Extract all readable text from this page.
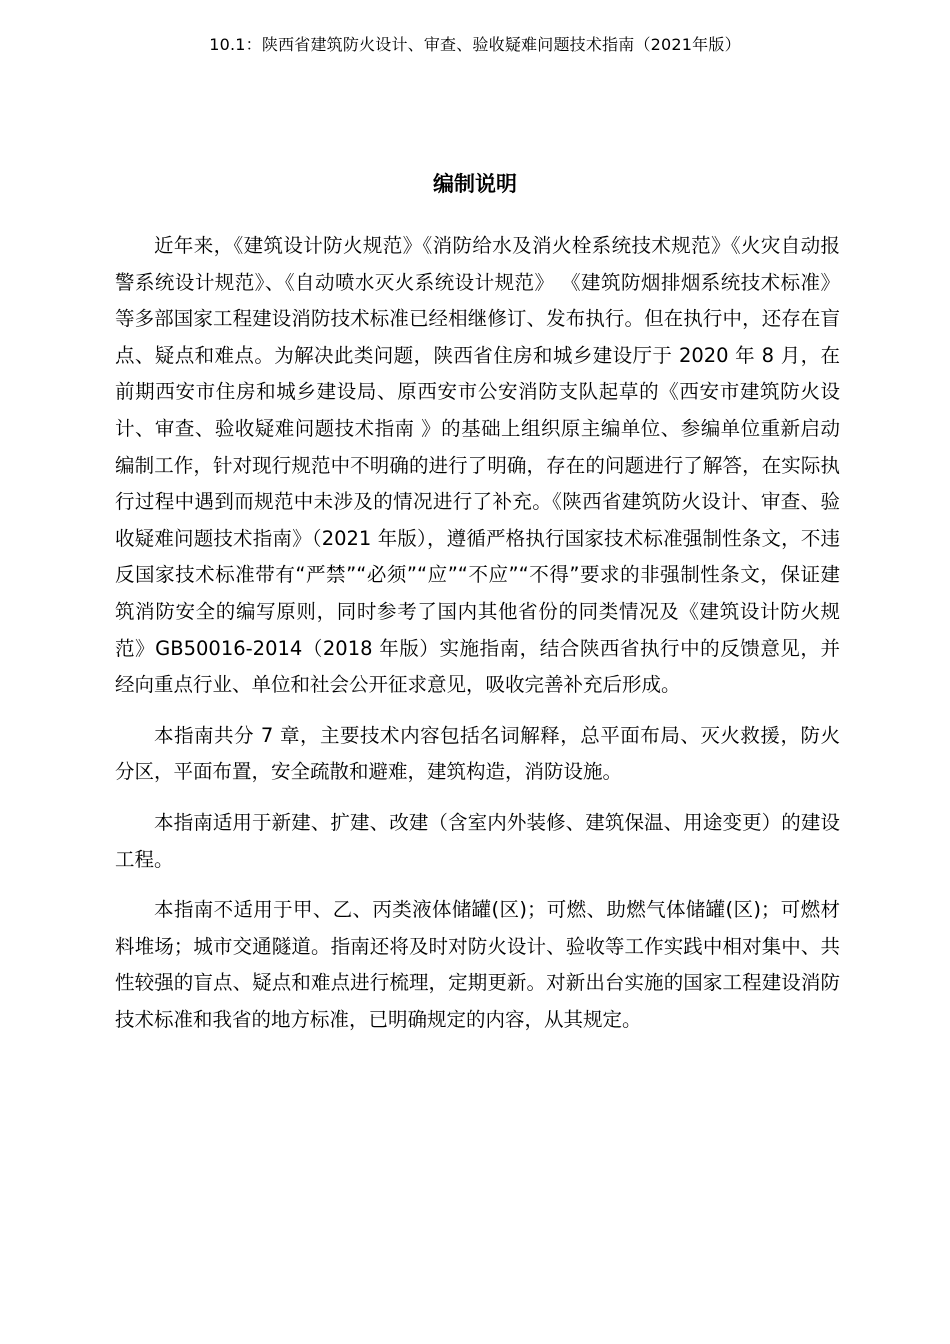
10.1：陕西省建筑防火设计、审查、验收疑难问题技术指南（2021年版）
编制说明

近年来，《建筑设计防火规范》《消防给水及消火栓系统技术规范》《火灾自动报警系统设计规范》、《自动喷水灭火系统设计规范》 《建筑防烟排烟系统技术标准》等多部国家工程建设消防技术标准已经相继修订、发布执行。但在执行中，还存在盲点、疑点和难点。为解决此类问题，陕西省住房和城乡建设厅于 2020 年 8 月，在前期西安市住房和城乡建设局、原西安市公安消防支队起草的《西安市建筑防火设计、审查、验收疑难问题技术指南 》的基础上组织原主编单位、参编单位重新启动编制工作，针对现行规范中不明确的进行了明确，存在的问题进行了解答，在实际执行过程中遇到而规范中未涉及的情况进行了补充。《陕西省建筑防火设计、审查、验收疑难问题技术指南》（2021 年版），遵循严格执行国家技术标准强制性条文，不违反国家技术标准带有“严禁”“必须”“应”“不应”“不得”要求的非强制性条文，保证建筑消防安全的编写原则，同时参考了国内其他省份的同类情况及《建筑设计防火规范》GB50016-2014（2018 年版）实施指南，结合陕西省执行中的反馈意见，并经向重点行业、单位和社会公开征求意见，吸收完善补充后形成。

本指南共分 7 章，主要技术内容包括名词解释，总平面布局、灭火救援，防火分区，平面布置，安全疏散和避难，建筑构造，消防设施。

本指南适用于新建、扩建、改建（含室内外装修、建筑保温、用途变更）的建设工程。

本指南不适用于甲、乙、丙类液体储罐(区)；可燃、助燃气体储罐(区)；可燃材料堆场；城市交通隧道。指南还将及时对防火设计、验收等工作实践中相对集中、共性较强的盲点、疑点和难点进行梳理，定期更新。对新出台实施的国家工程建设消防技术标准和我省的地方标准，已明确规定的内容，从其规定。
